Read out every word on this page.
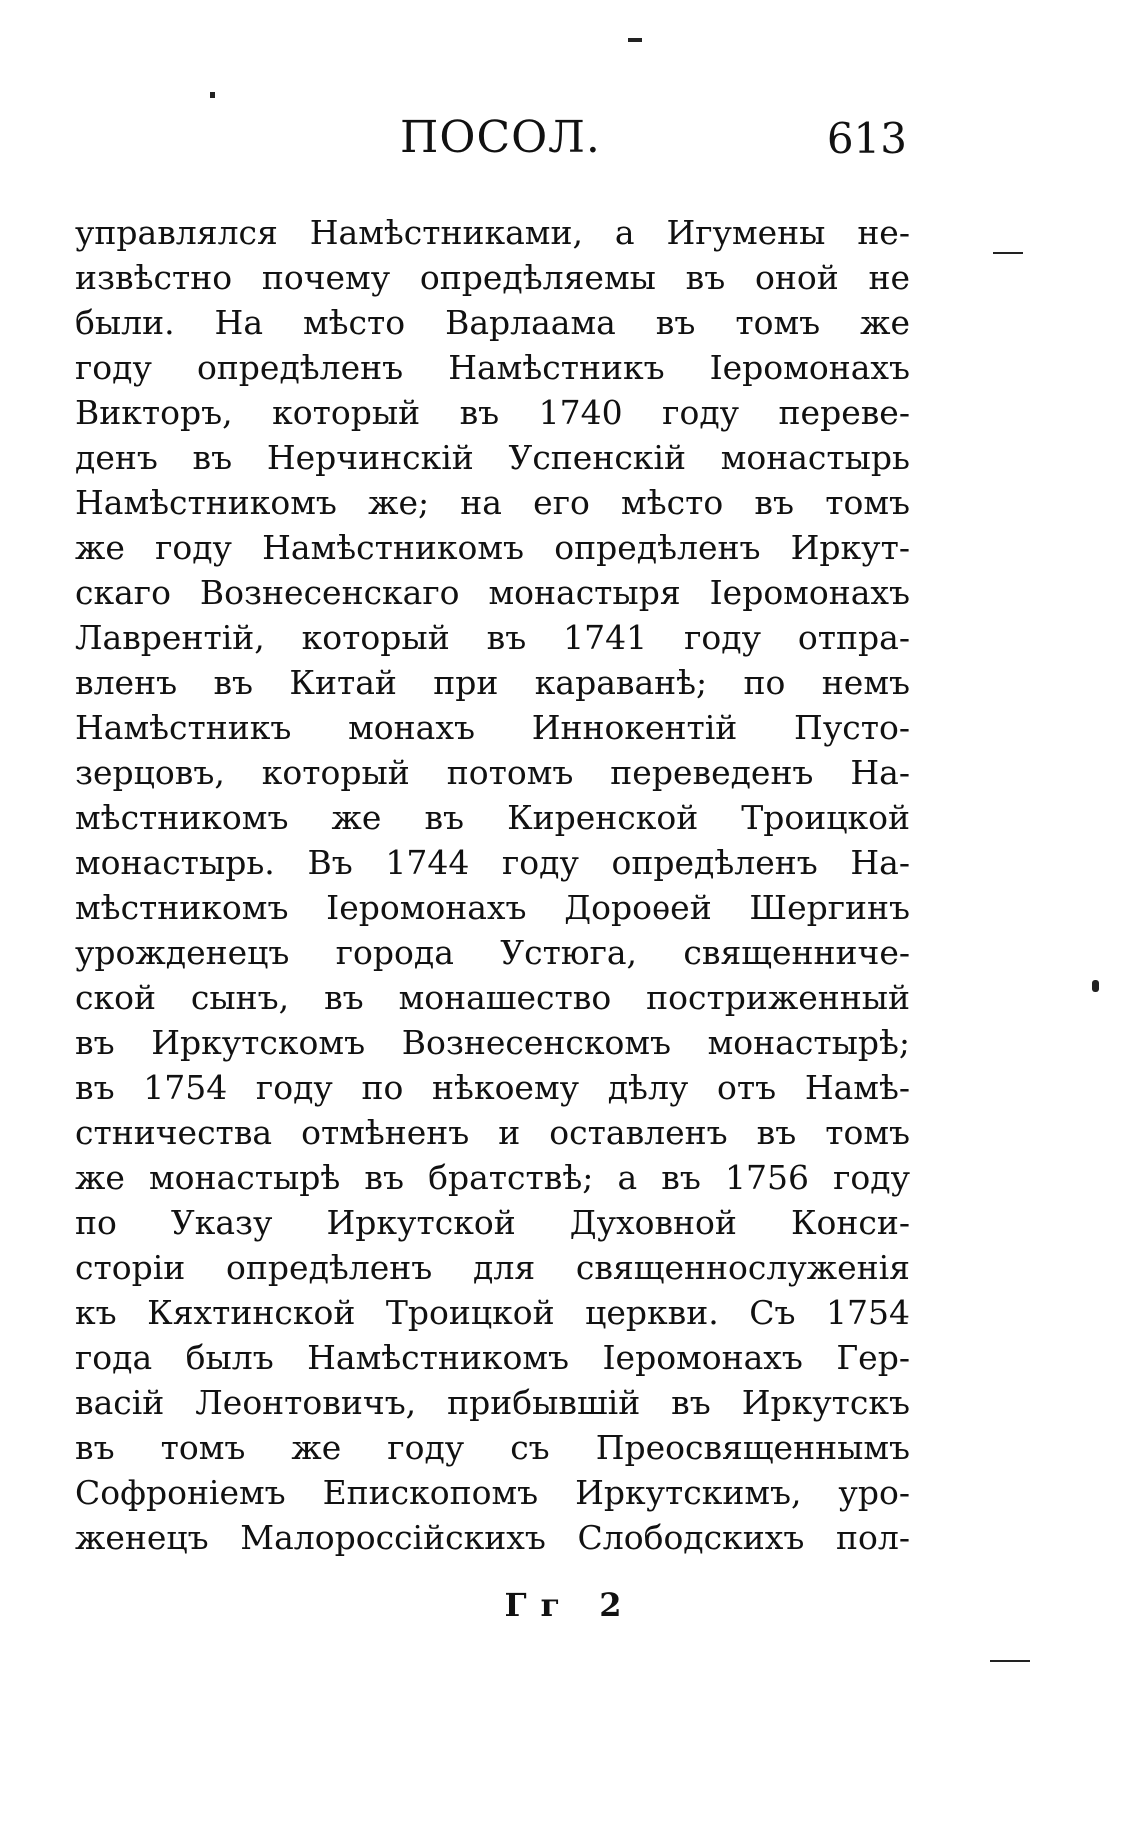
ПОСОЛ.	613
управлялся Намѣстниками, а Игумены не-
извѣстно почему опредѣляемы въ оной не
были. На мѣсто Варлаама въ томъ же
году опредѣленъ Намѣстникъ Іеромонахъ
Викторъ, который въ 1740 году переве-
денъ въ Нерчинскій Успенскій монастырь
Намѣстникомъ же; на его мѣсто въ томъ
же году Намѣстникомъ опредѣленъ Иркут-
скаго Вознесенскаго монастыря Іеромонахъ
Лаврентій, который въ 1741 году отпра-
вленъ въ Китай при караванѣ; по немъ
Намѣстникъ монахъ Иннокентій Пусто-
зерцовъ, который потомъ переведенъ На-
мѣстникомъ же въ Киренской Троицкой
монастырь. Въ 1744 году опредѣленъ На-
мѣстникомъ Іеромонахъ Дороѳей Шергинъ
урожденецъ города Устюга, священниче-
ской сынъ, въ монашество постриженный
въ Иркутскомъ Вознесенскомъ монастырѣ;
въ 1754 году по нѣкоему дѣлу отъ Намѣ-
стничества отмѣненъ и оставленъ въ томъ
же монастырѣ въ братствѣ; а въ 1756 году
по Указу Иркутской Духовной Конси-
сторіи опредѣленъ для священнослуженія
къ Кяхтинской Троицкой церкви. Съ 1754
года былъ Намѣстникомъ Іеромонахъ Гер-
васій Леонтовичъ, прибывшій въ Иркутскъ
въ томъ же году съ Преосвященнымъ
Софроніемъ Епископомъ Иркутскимъ, уро-
женецъ Малороссійскихъ Слободскихъ пол-
Гг 2
